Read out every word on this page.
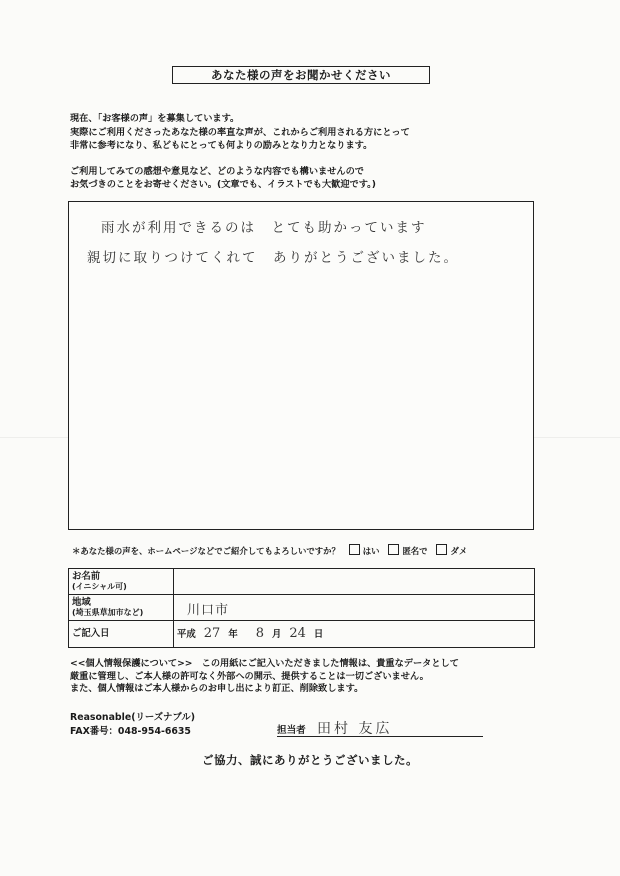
あなた様の声をお聞かせください

現在、「お客様の声」を募集しています。

実際にご利用くださったあなた様の率直な声が、これからご利用される方にとって

非常に参考になり、私どもにとっても何よりの励みとなり力となります。

ご利用してみての感想や意見など、どのような内容でも構いませんので

お気づきのことをお寄せください。(文章でも、イラストでも大歓迎です。)

雨水が利用できるのは　とても助かっています
親切に取りつけてくれて　ありがとうございました。
＊あなた様の声を、ホームページなどでご紹介してもよろしいですか？	はい	匿名で	ダメ
お名前
(イニシャル可)
地域
(埼玉県草加市など)	川口市
ご記入日	平成 27 年 8 月 24 日

<<個人情報保護について>>　この用紙にご記入いただきました情報は、貴重なデータとして

厳重に管理し、ご本人様の許可なく外部への開示、提供することは一切ございません。

また、個人情報はご本人様からのお申し出により訂正、削除致します。

Reasonable(リーズナブル)

FAX番号：048-954-6635	担当者 田村 友広
ご協力、誠にありがとうございました。
